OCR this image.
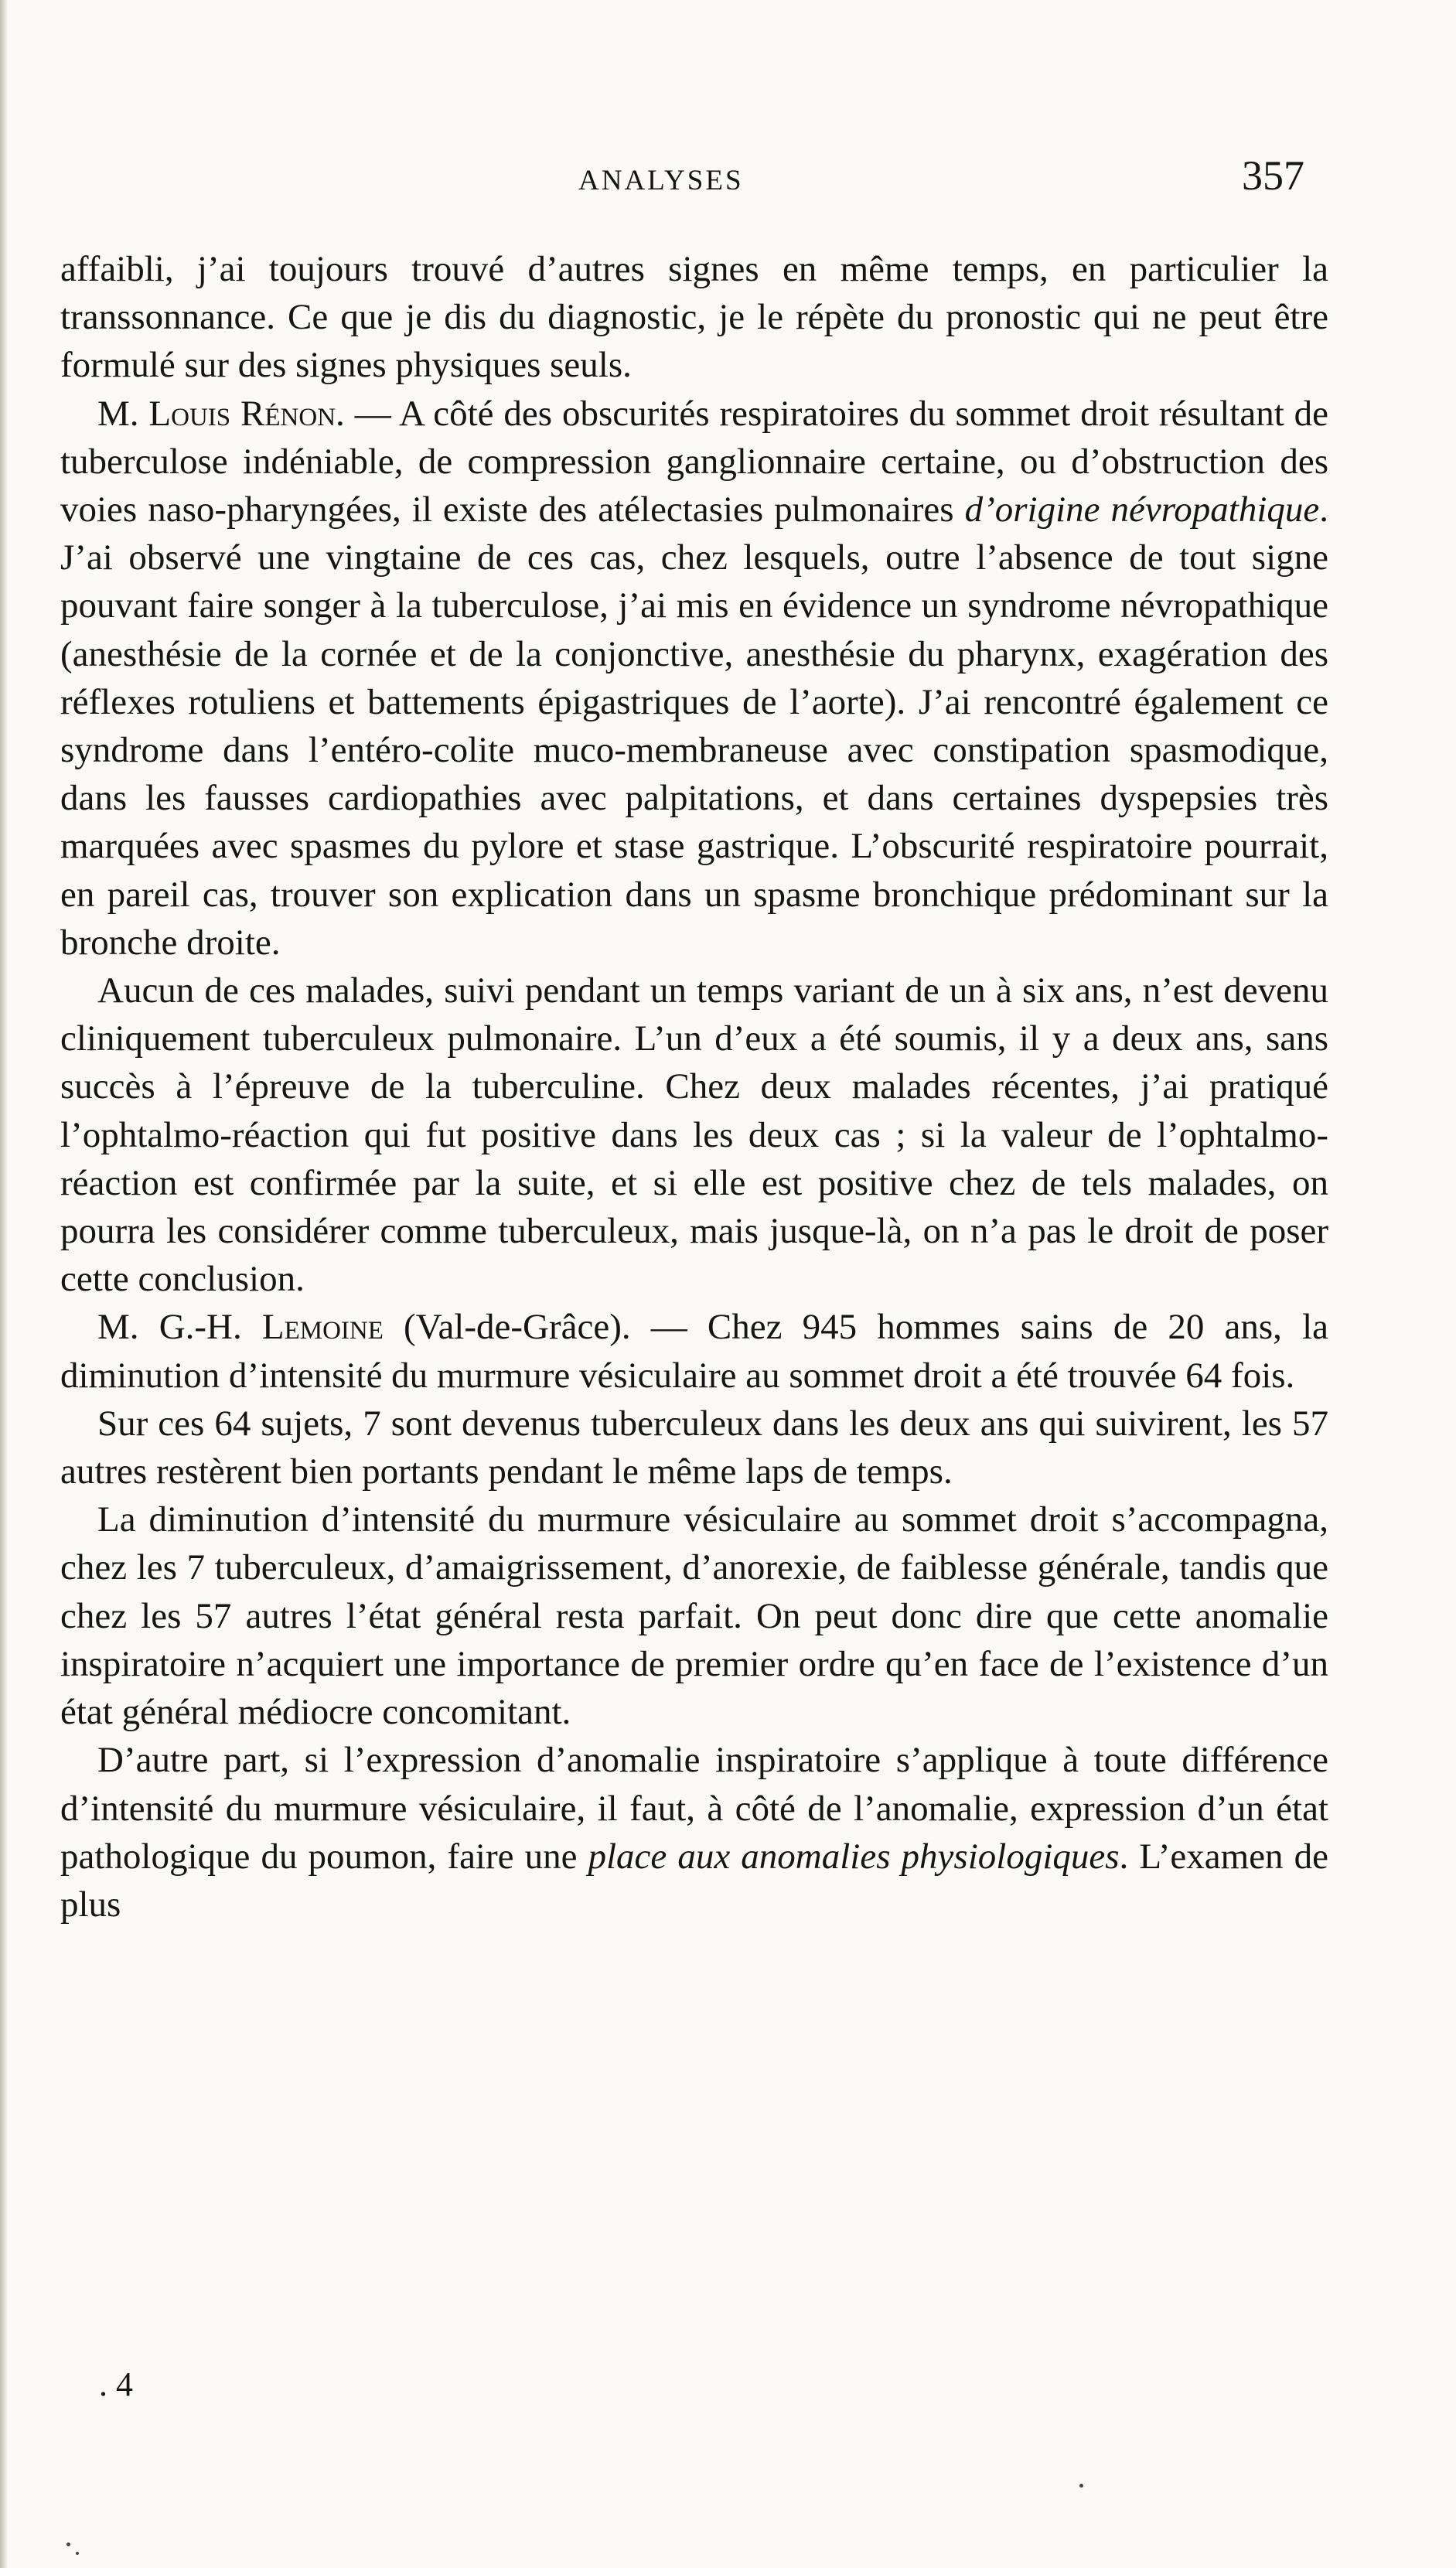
ANALYSES	357

affaibli, j’ai toujours trouvé d’autres signes en même temps, en particulier la transsonnance. Ce que je dis du diagnostic, je le répète du pronostic qui ne peut être formulé sur des signes physiques seuls.

M. Louis Rénon. — A côté des obscurités respiratoires du sommet droit résultant de tuberculose indéniable, de compression ganglionnaire certaine, ou d’obstruction des voies naso-pharyngées, il existe des atélectasies pulmonaires d’origine névropathique. J’ai observé une vingtaine de ces cas, chez lesquels, outre l’absence de tout signe pouvant faire songer à la tuberculose, j’ai mis en évidence un syndrome névropathique (anesthésie de la cornée et de la conjonctive, anesthésie du pharynx, exagération des réflexes rotuliens et battements épigastriques de l’aorte). J’ai rencontré également ce syndrome dans l’entéro-colite muco-membraneuse avec constipation spasmodique, dans les fausses cardiopathies avec palpitations, et dans certaines dyspepsies très marquées avec spasmes du pylore et stase gastrique. L’obscurité respiratoire pourrait, en pareil cas, trouver son explication dans un spasme bronchique prédominant sur la bronche droite.

Aucun de ces malades, suivi pendant un temps variant de un à six ans, n’est devenu cliniquement tuberculeux pulmonaire. L’un d’eux a été soumis, il y a deux ans, sans succès à l’épreuve de la tuberculine. Chez deux malades récentes, j’ai pratiqué l’ophtalmo-réaction qui fut positive dans les deux cas ; si la valeur de l’ophtalmo-réaction est confirmée par la suite, et si elle est positive chez de tels malades, on pourra les considérer comme tuberculeux, mais jusque-là, on n’a pas le droit de poser cette conclusion.

M. G.-H. Lemoine (Val-de-Grâce). — Chez 945 hommes sains de 20 ans, la diminution d’intensité du murmure vésiculaire au sommet droit a été trouvée 64 fois.

Sur ces 64 sujets, 7 sont devenus tuberculeux dans les deux ans qui suivirent, les 57 autres restèrent bien portants pendant le même laps de temps.

La diminution d’intensité du murmure vésiculaire au sommet droit s’accompagna, chez les 7 tuberculeux, d’amaigrissement, d’anorexie, de faiblesse générale, tandis que chez les 57 autres l’état général resta parfait. On peut donc dire que cette anomalie inspiratoire n’acquiert une importance de premier ordre qu’en face de l’existence d’un état général médiocre concomitant.

D’autre part, si l’expression d’anomalie inspiratoire s’applique à toute différence d’intensité du murmure vésiculaire, il faut, à côté de l’anomalie, expression d’un état pathologique du poumon, faire une place aux anomalies physiologiques. L’examen de plus

. 4
